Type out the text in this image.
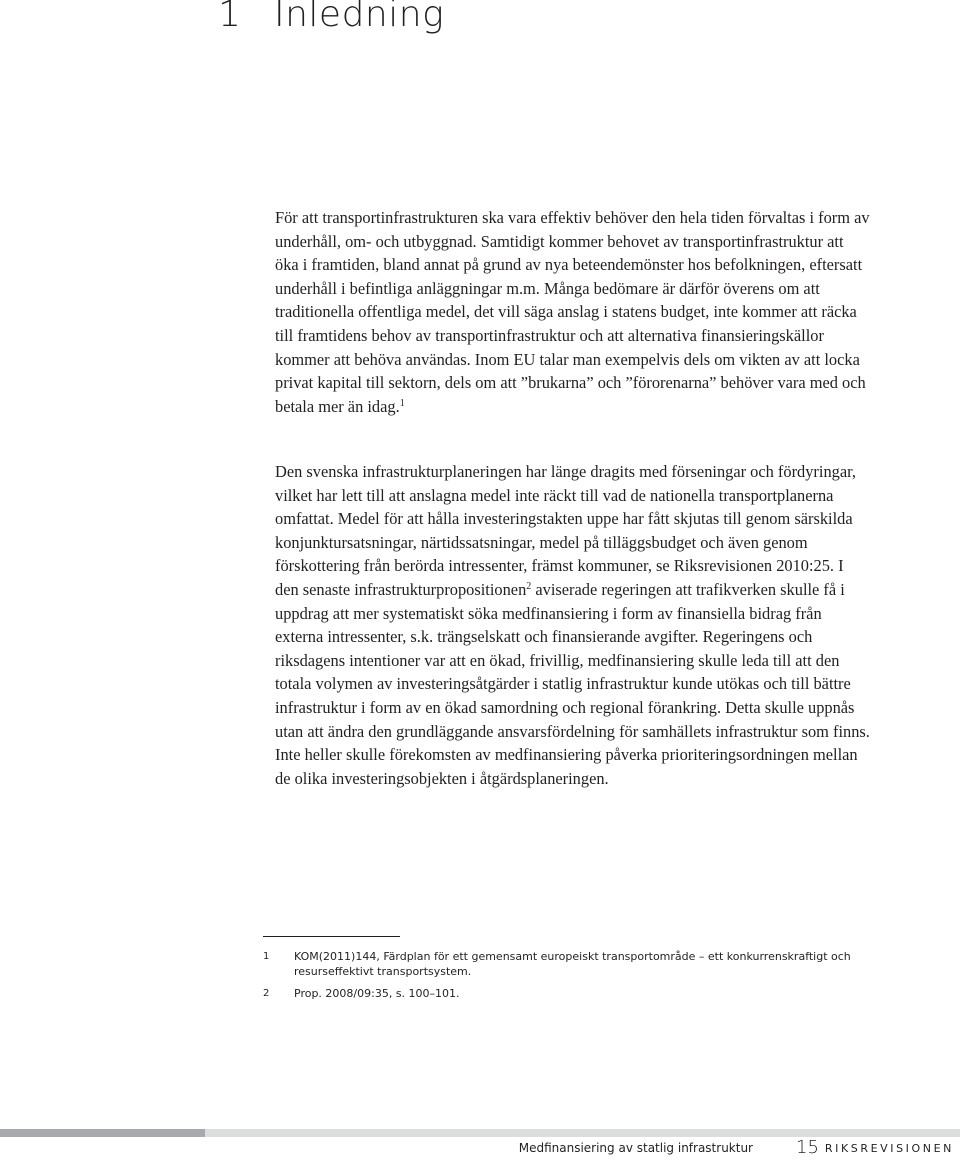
1 Inledning

För att transportinfrastrukturen ska vara effektiv behöver den hela tiden förvaltas i form av underhåll, om- och utbyggnad. Samtidigt kommer behovet av transportinfrastruktur att öka i framtiden, bland annat på grund av nya beteendemönster hos befolkningen, eftersatt underhåll i befintliga anläggningar m.m. Många bedömare är därför överens om att traditionella offentliga medel, det vill säga anslag i statens budget, inte kommer att räcka till framtidens behov av transportinfrastruktur och att alternativa finansieringskällor kommer att behöva användas. Inom EU talar man exempelvis dels om vikten av att locka privat kapital till sektorn, dels om att ”brukarna” och ”förorenarna” behöver vara med och betala mer än idag.$^1$

Den svenska infrastrukturplaneringen har länge dragits med förseningar och fördyringar, vilket har lett till att anslagna medel inte räckt till vad de nationella transportplanerna omfattat. Medel för att hålla investeringstakten uppe har fått skjutas till genom särskilda konjunktursatsningar, närtidssatsningar, medel på tilläggsbudget och även genom förskottering från berörda intressenter, främst kommuner, se Riksrevisionen 2010:25. I den senaste infrastrukturpropositionen$^2$ aviserade regeringen att trafikverken skulle få i uppdrag att mer systematiskt söka medfinansiering i form av finansiella bidrag från externa intressenter, s.k. trängselskatt och finansierande avgifter. Regeringens och riksdagens intentioner var att en ökad, frivillig, medfinansiering skulle leda till att den totala volymen av investeringsåtgärder i statlig infrastruktur kunde utökas och till bättre infrastruktur i form av en ökad samordning och regional förankring. Detta skulle uppnås utan att ändra den grundläggande ansvarsfördelning för samhällets infrastruktur som finns. Inte heller skulle förekomsten av medfinansiering påverka prioriteringsordningen mellan de olika investeringsobjekten i åtgärdsplaneringen.

1	KOM(2011)144, Färdplan för ett gemensamt europeiskt transportområde – ett konkurrenskraftigt och resurseffektivt transportsystem.
2	Prop. 2008/09:35, s. 100–101.
Medfinansiering av statlig infrastruktur 15 RIKSREVISIONEN
